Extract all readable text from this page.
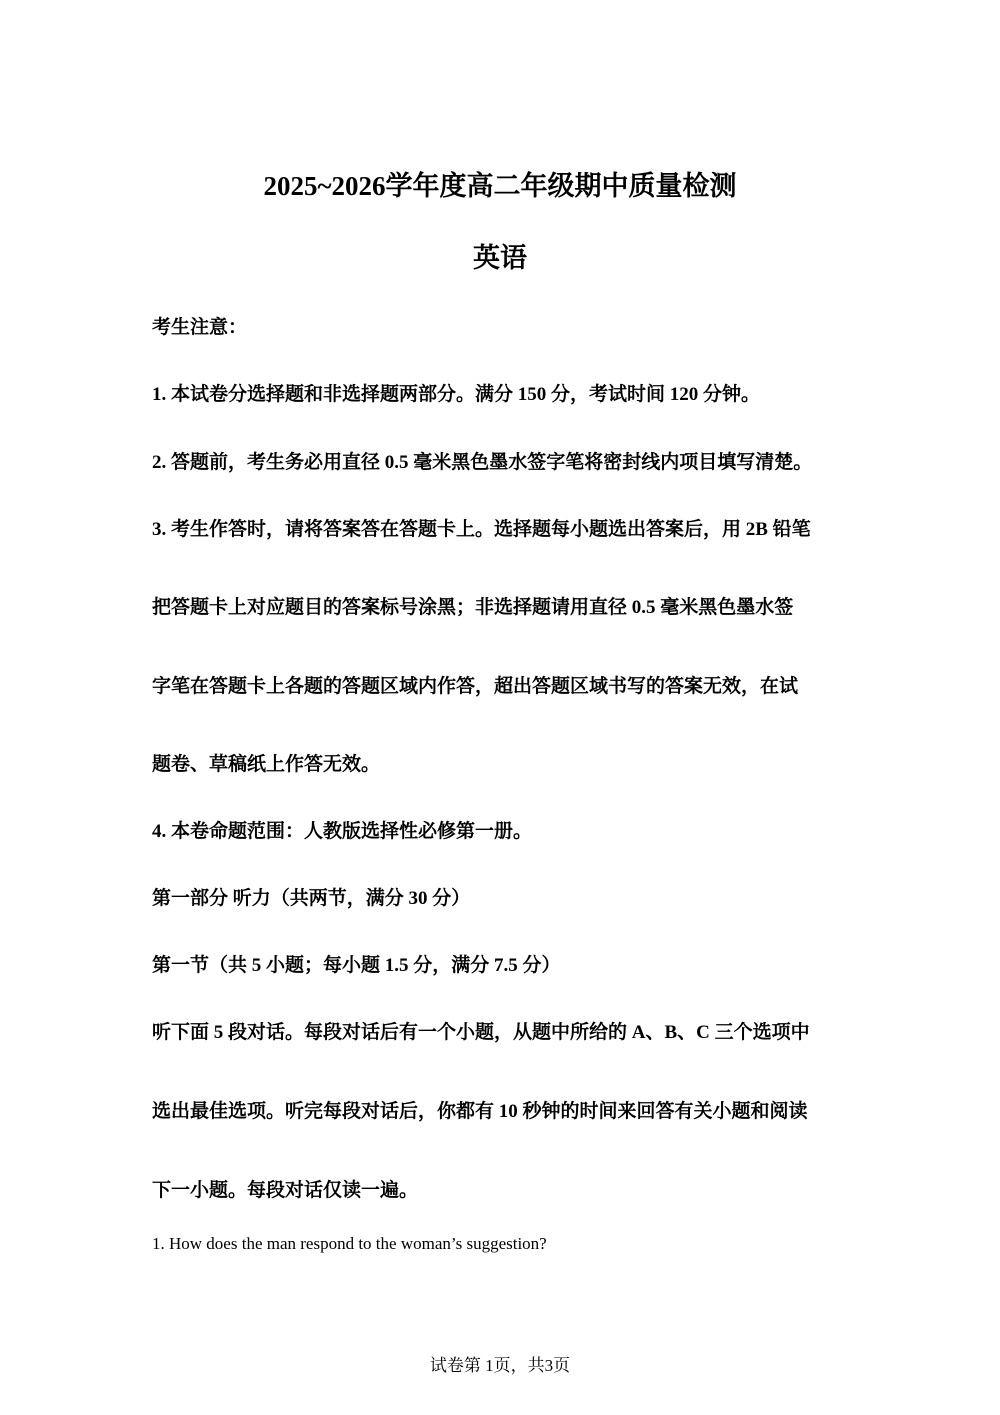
2025~2026学年度高二年级期中质量检测
英语
考生注意：
1. 本试卷分选择题和非选择题两部分。满分 150 分，考试时间 120 分钟。
2. 答题前，考生务必用直径 0.5 毫米黑色墨水签字笔将密封线内项目填写清楚。
3. 考生作答时，请将答案答在答题卡上。选择题每小题选出答案后，用 2B 铅笔
把答题卡上对应题目的答案标号涂黑；非选择题请用直径 0.5 毫米黑色墨水签
字笔在答题卡上各题的答题区域内作答，超出答题区域书写的答案无效，在试
题卷、草稿纸上作答无效。
4. 本卷命题范围：人教版选择性必修第一册。
第一部分 听力（共两节，满分 30 分）
第一节（共 5 小题；每小题 1.5 分，满分 7.5 分）
听下面 5 段对话。每段对话后有一个小题，从题中所给的 A、B、C 三个选项中
选出最佳选项。听完每段对话后，你都有 10 秒钟的时间来回答有关小题和阅读
下一小题。每段对话仅读一遍。
1. How does the man respond to the woman’s suggestion?
试卷第 1页，共3页
